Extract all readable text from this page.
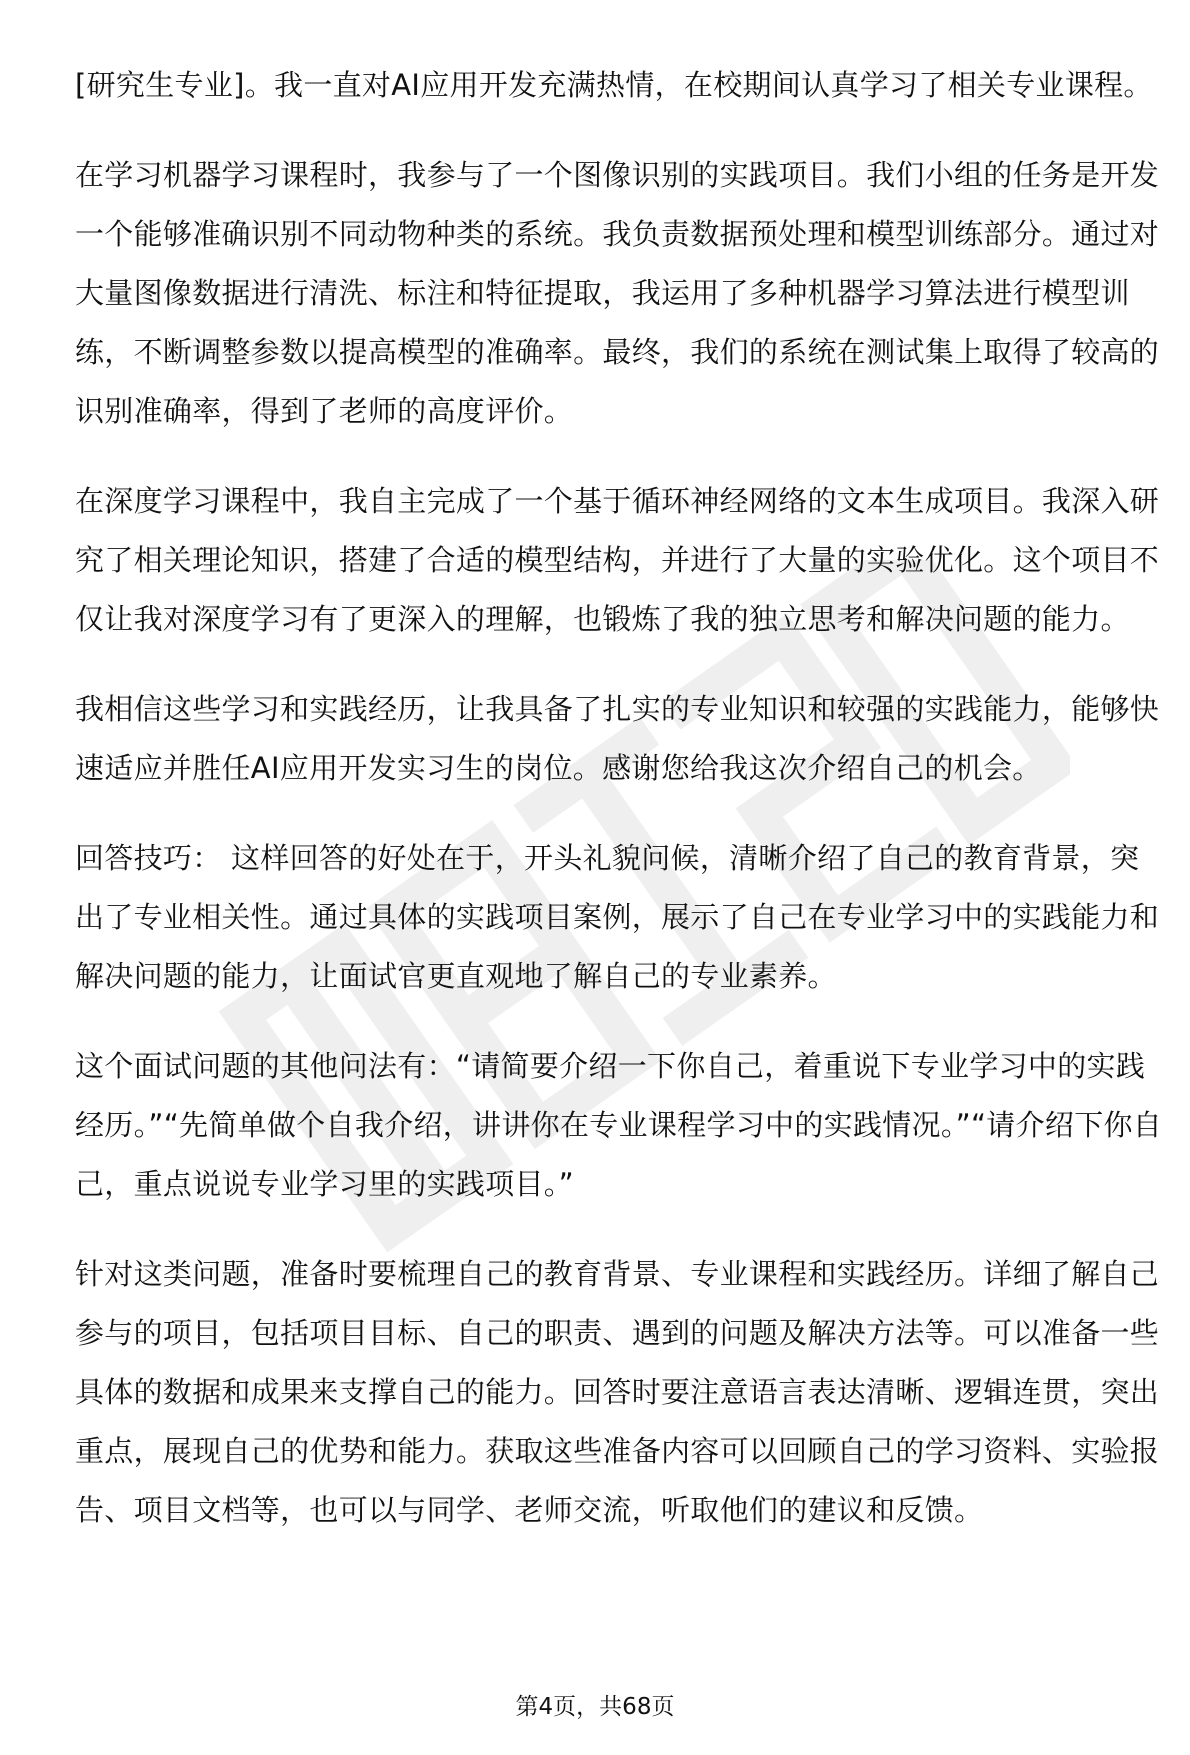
[研究生专业]。我一直对AI应用开发充满热情，在校期间认真学习了相关专业课程。

在学习机器学习课程时，我参与了一个图像识别的实践项目。我们小组的任务是开发一个能够准确识别不同动物种类的系统。我负责数据预处理和模型训练部分。通过对大量图像数据进行清洗、标注和特征提取，我运用了多种机器学习算法进行模型训练，不断调整参数以提高模型的准确率。最终，我们的系统在测试集上取得了较高的识别准确率，得到了老师的高度评价。

在深度学习课程中，我自主完成了一个基于循环神经网络的文本生成项目。我深入研究了相关理论知识，搭建了合适的模型结构，并进行了大量的实验优化。这个项目不仅让我对深度学习有了更深入的理解，也锻炼了我的独立思考和解决问题的能力。

我相信这些学习和实践经历，让我具备了扎实的专业知识和较强的实践能力，能够快速适应并胜任AI应用开发实习生的岗位。感谢您给我这次介绍自己的机会。

回答技巧： 这样回答的好处在于，开头礼貌问候，清晰介绍了自己的教育背景，突出了专业相关性。通过具体的实践项目案例，展示了自己在专业学习中的实践能力和解决问题的能力，让面试官更直观地了解自己的专业素养。

这个面试问题的其他问法有：“请简要介绍一下你自己，着重说下专业学习中的实践经历。”“先简单做个自我介绍，讲讲你在专业课程学习中的实践情况。”“请介绍下你自己，重点说说专业学习里的实践项目。”

针对这类问题，准备时要梳理自己的教育背景、专业课程和实践经历。详细了解自己参与的项目，包括项目目标、自己的职责、遇到的问题及解决方法等。可以准备一些具体的数据和成果来支撑自己的能力。回答时要注意语言表达清晰、逻辑连贯，突出重点，展现自己的优势和能力。获取这些准备内容可以回顾自己的学习资料、实验报告、项目文档等，也可以与同学、老师交流，听取他们的建议和反馈。

第4页，共68页
